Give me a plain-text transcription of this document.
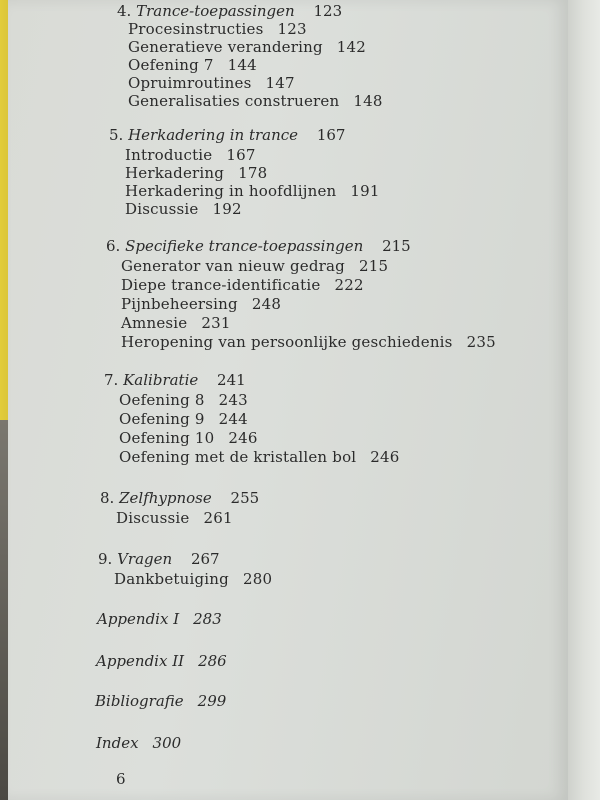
4. Trance-toepassingen 123
Procesinstructies 123
Generatieve verandering 142
Oefening 7 144
Opruimroutines 147
Generalisaties construeren 148
5. Herkadering in trance 167
Introductie 167
Herkadering 178
Herkadering in hoofdlijnen 191
Discussie 192
6. Specifieke trance-toepassingen 215
Generator van nieuw gedrag 215
Diepe trance-identificatie 222
Pijnbeheersing 248
Amnesie 231
Heropening van persoonlijke geschiedenis 235
7. Kalibratie 241
Oefening 8 243
Oefening 9 244
Oefening 10 246
Oefening met de kristallen bol 246
8. Zelfhypnose 255
Discussie 261
9. Vragen 267
Dankbetuiging 280
Appendix I 283
Appendix II 286
Bibliografie 299
Index 300
6
